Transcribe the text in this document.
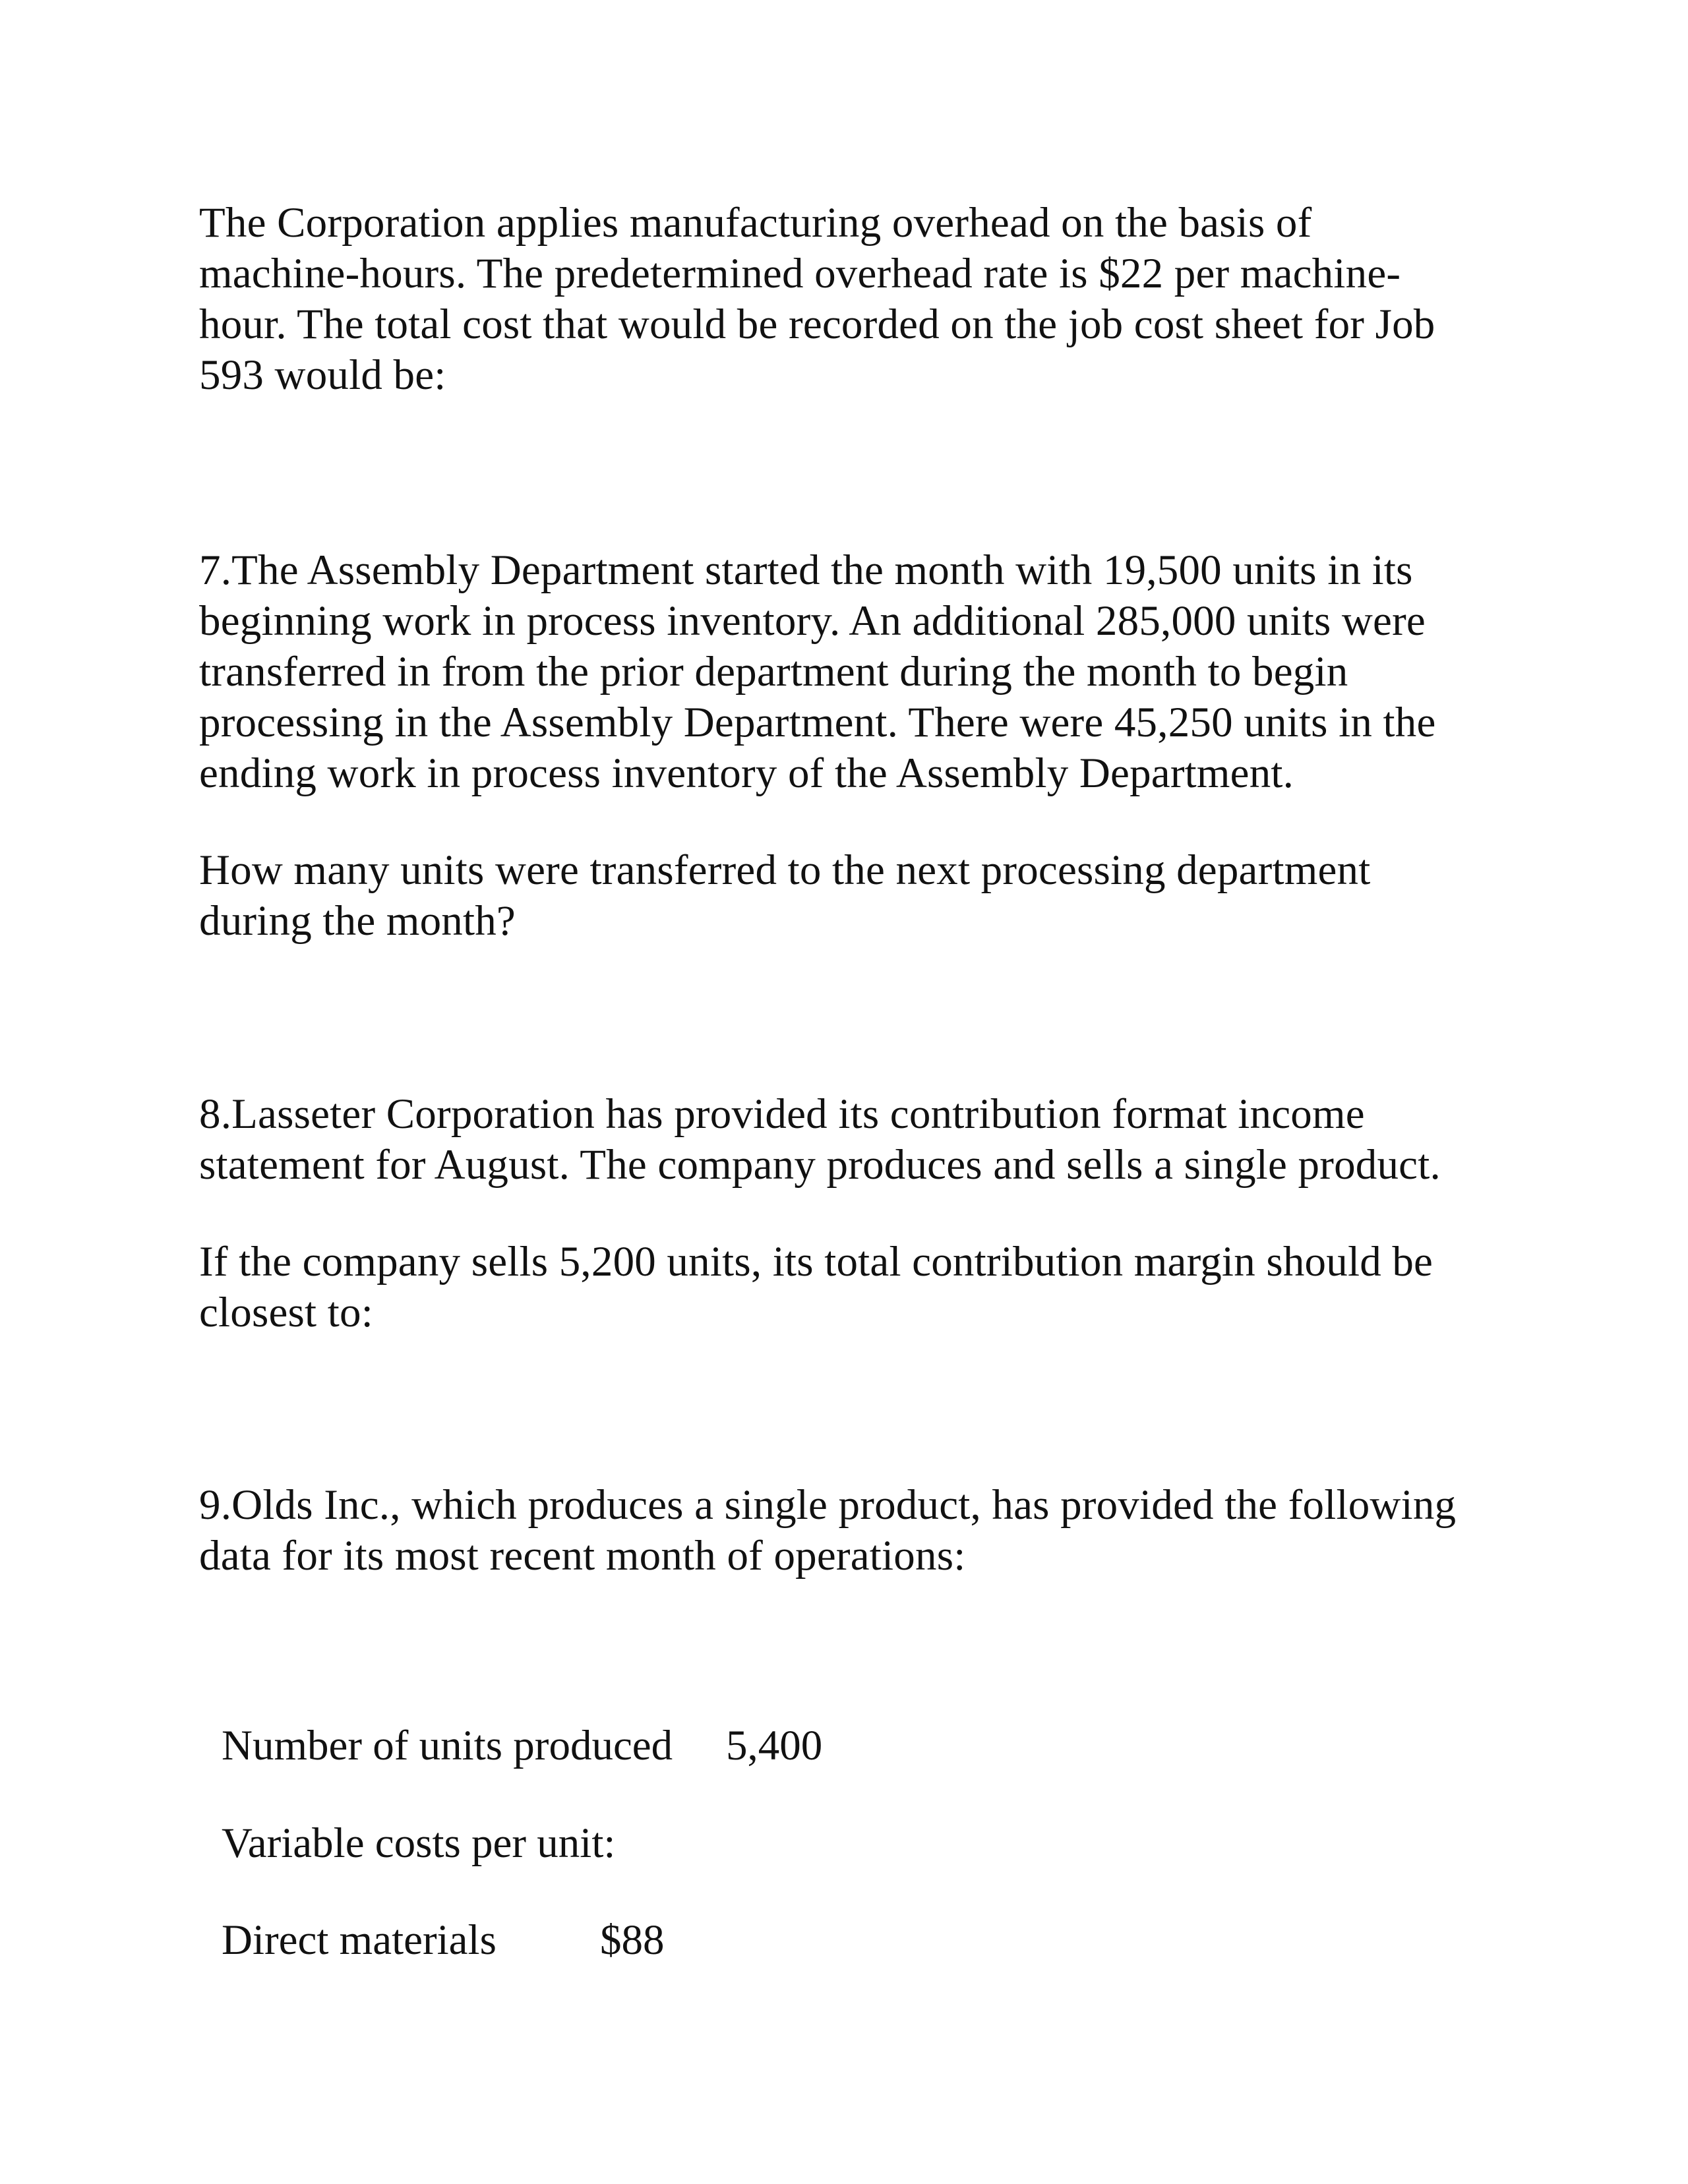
The Corporation applies manufacturing overhead on the basis of
machine-hours. The predetermined overhead rate is $22 per machine-
hour. The total cost that would be recorded on the job cost sheet for Job
593 would be:
7.The Assembly Department started the month with 19,500 units in its
beginning work in process inventory. An additional 285,000 units were
transferred in from the prior department during the month to begin
processing in the Assembly Department. There were 45,250 units in the
ending work in process inventory of the Assembly Department.
How many units were transferred to the next processing department
during the month?
8.Lasseter Corporation has provided its contribution format income
statement for August. The company produces and sells a single product.
If the company sells 5,200 units, its total contribution margin should be
closest to:
9.Olds Inc., which produces a single product, has provided the following
data for its most recent month of operations:
Number of units produced 5,400
Variable costs per unit:
Direct materials $88
